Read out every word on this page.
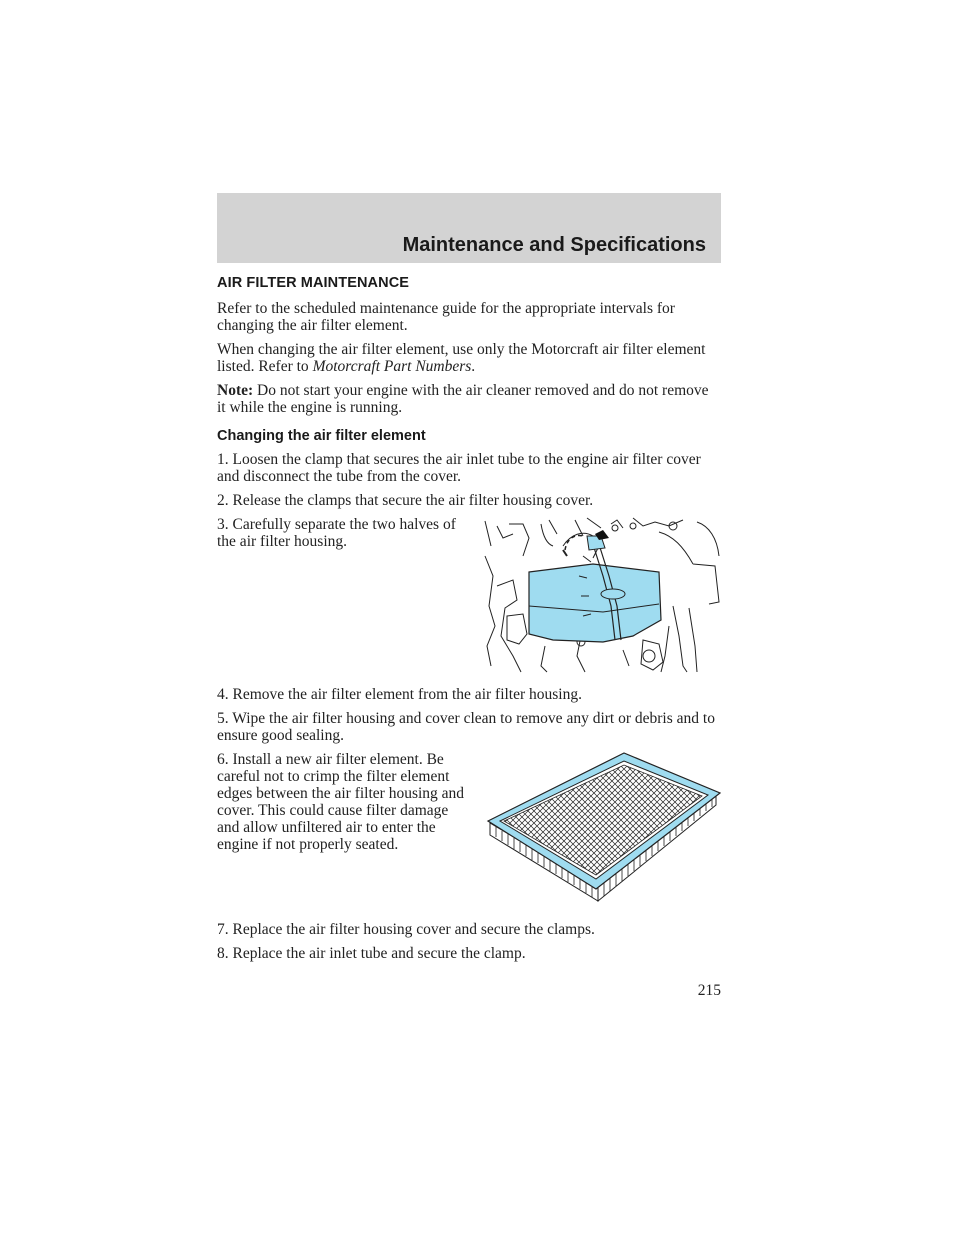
Maintenance and Specifications
AIR FILTER MAINTENANCE

Refer to the scheduled maintenance guide for the appropriate intervals for changing the air filter element.

When changing the air filter element, use only the Motorcraft air filter element listed. Refer to Motorcraft Part Numbers.

Note: Do not start your engine with the air cleaner removed and do not remove it while the engine is running.

Changing the air filter element

1. Loosen the clamp that secures the air inlet tube to the engine air filter cover and disconnect the tube from the cover.

2. Release the clamps that secure the air filter housing cover.

3. Carefully separate the two halves of the air filter housing.

4. Remove the air filter element from the air filter housing.

5. Wipe the air filter housing and cover clean to remove any dirt or debris and to ensure good sealing.

6. Install a new air filter element. Be careful not to crimp the filter element edges between the air filter housing and cover. This could cause filter damage and allow unfiltered air to enter the engine if not properly seated.

7. Replace the air filter housing cover and secure the clamps.

8. Replace the air inlet tube and secure the clamp.

215
